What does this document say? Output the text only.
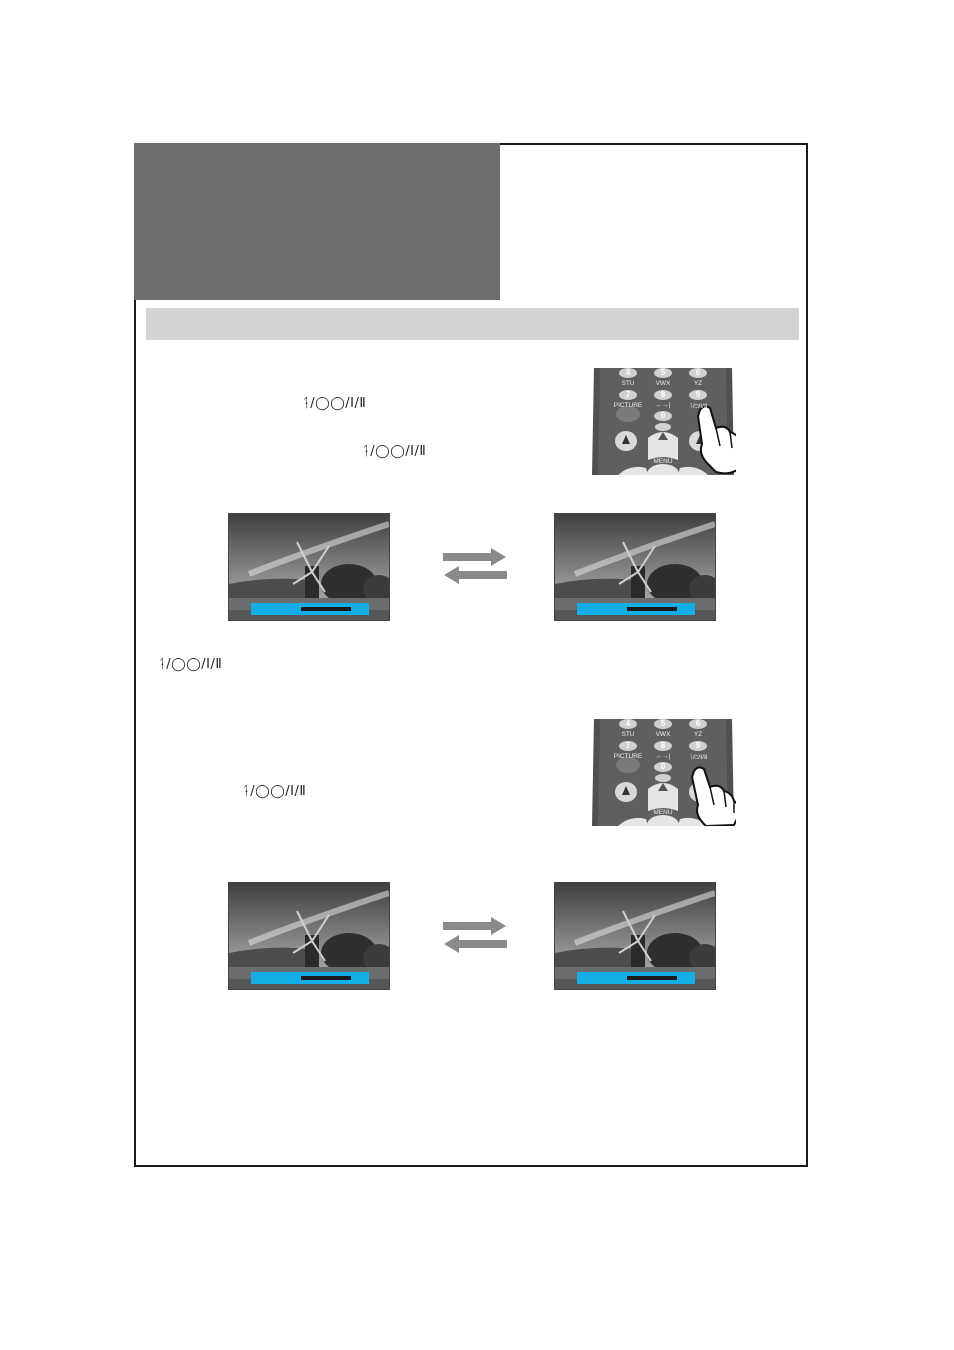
ᛑ/◯◯/Ⅰ/Ⅱ
ᛑ/◯◯/Ⅰ/Ⅱ
ᛑ/◯◯/Ⅰ/Ⅱ
ᛑ/◯◯/Ⅰ/Ⅱ
4
STU
5
VWX
6
YZ
7
PICTURE
8
←→|
9
ᛑ/◯/Ⅰ/Ⅱ
0
MENU
4
STU
5
VWX
6
YZ
7
PICTURE
8
←→|
9
ᛑ/◯/Ⅰ/Ⅱ
0
MENU
